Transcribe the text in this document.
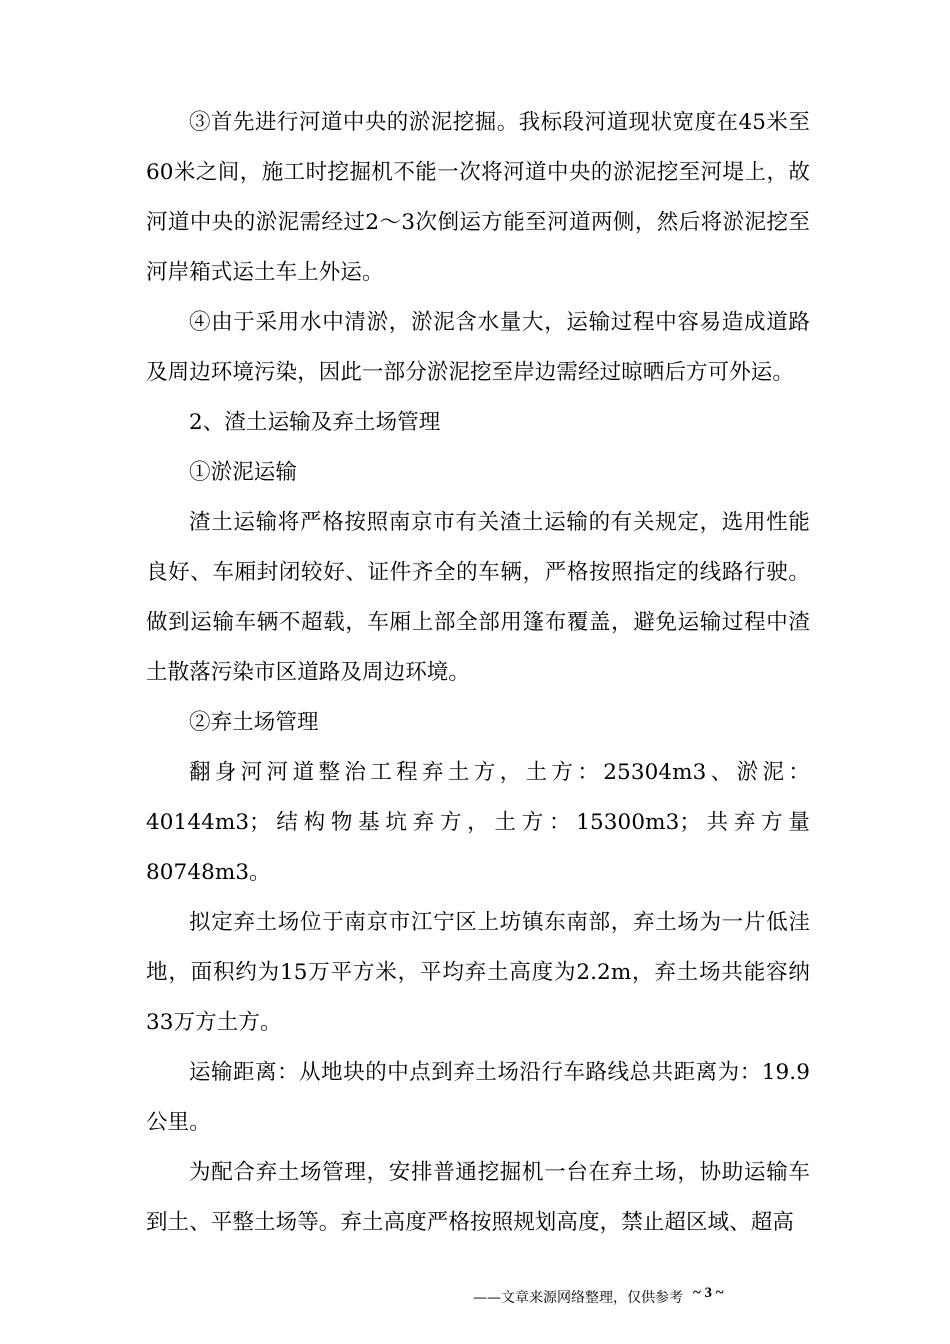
③首先进行河道中央的淤泥挖掘。我标段河道现状宽度在45米至60米之间，施工时挖掘机不能一次将河道中央的淤泥挖至河堤上，故河道中央的淤泥需经过2～3次倒运方能至河道两侧，然后将淤泥挖至河岸箱式运土车上外运。

④由于采用水中清淤，淤泥含水量大，运输过程中容易造成道路及周边环境污染，因此一部分淤泥挖至岸边需经过晾晒后方可外运。

2、渣土运输及弃土场管理

①淤泥运输

渣土运输将严格按照南京市有关渣土运输的有关规定，选用性能良好、车厢封闭较好、证件齐全的车辆，严格按照指定的线路行驶。做到运输车辆不超载，车厢上部全部用篷布覆盖，避免运输过程中渣土散落污染市区道路及周边环境。

②弃土场管理

翻身河河道整治工程弃土方，土方：25304m3、淤泥：40144m3；结构物基坑弃方，土方：15300m3；共弃方量80748m3。

拟定弃土场位于南京市江宁区上坊镇东南部，弃土场为一片低洼地，面积约为15万平方米，平均弃土高度为2.2m，弃土场共能容纳33万方土方。

运输距离：从地块的中点到弃土场沿行车路线总共距离为：19.9公里。

为配合弃土场管理，安排普通挖掘机一台在弃土场，协助运输车到土、平整土场等。弃土高度严格按照规划高度，禁止超区域、超高

——文章来源网络整理，仅供参考 ~ 3 ~
